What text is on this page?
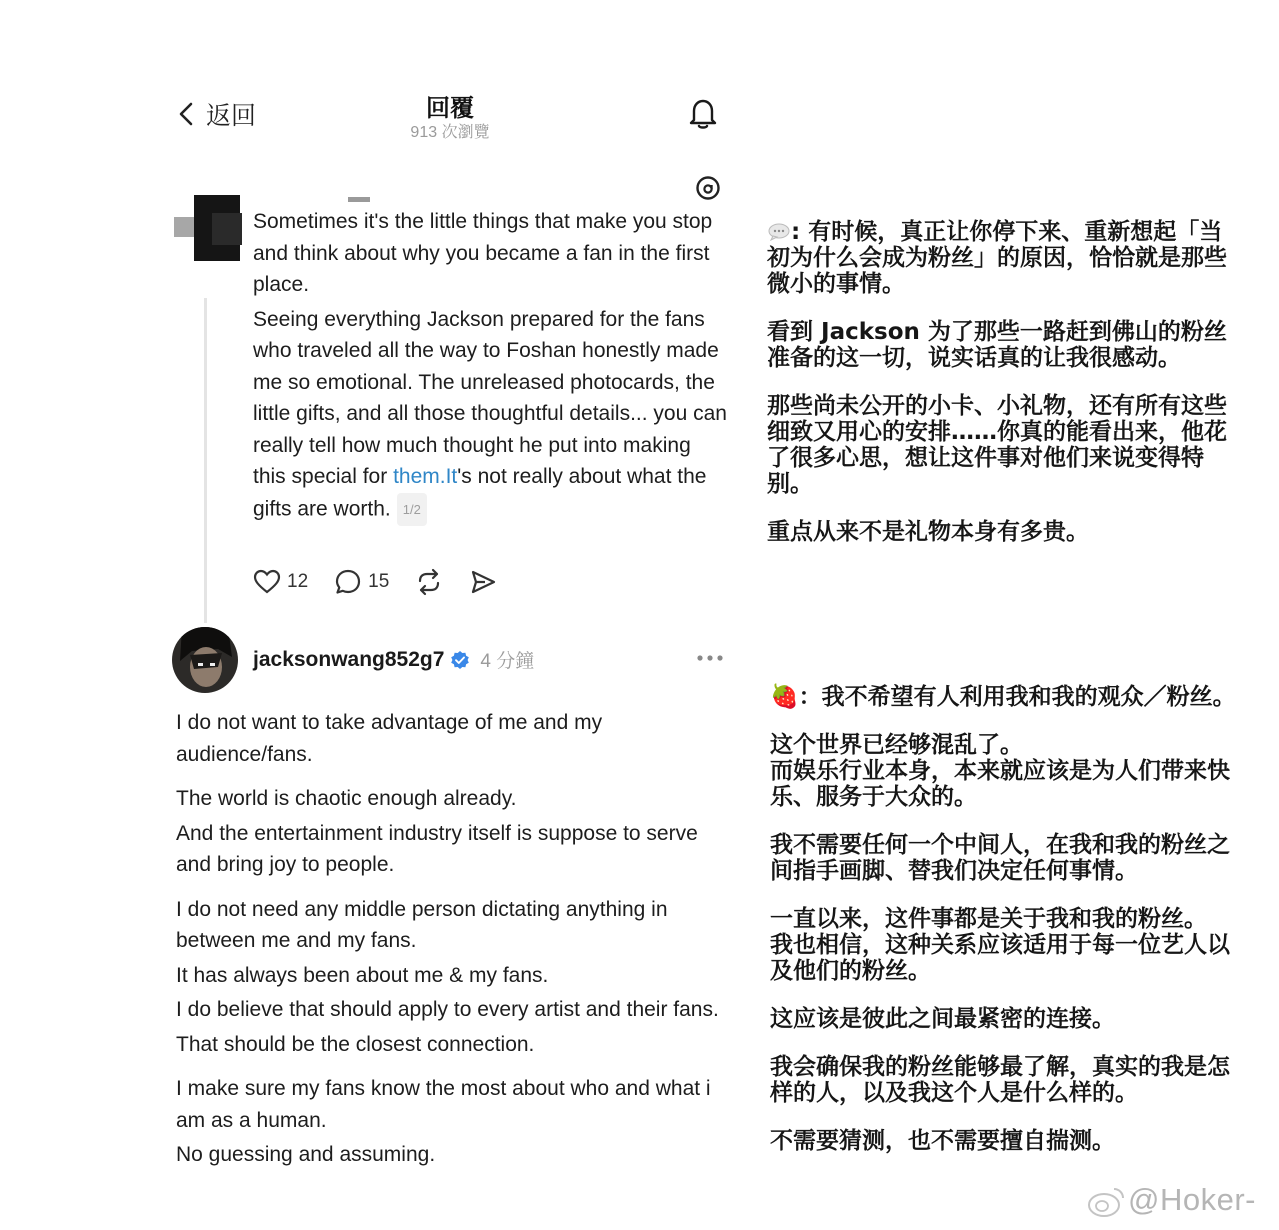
返回	回覆
913 次瀏覽

Sometimes it's the little things that make you stop and think about why you became a fan in the first place.

Seeing everything Jackson prepared for the fans who traveled all the way to Foshan honestly made me so emotional. The unreleased photocards, the little gifts, and all those thoughtful details... you can really tell how much thought he put into making this special for them.It's not really about what the gifts are worth. 1/2

12	15
jacksonwang852g7 4 分鐘

I do not want to take advantage of me and my audience/fans.

The world is chaotic enough already.

And the entertainment industry itself is suppose to serve and bring joy to people.

I do not need any middle person dictating anything in between me and my fans.

It has always been about me & my fans.

I do believe that should apply to every artist and their fans.

That should be the closest connection.

I make sure my fans know the most about who and what i am as a human.

No guessing and assuming.

: 有时候，真正让你停下来、重新想起「当初为什么会成为粉丝」的原因，恰恰就是那些微小的事情。

看到 Jackson 为了那些一路赶到佛山的粉丝准备的这一切，说实话真的让我很感动。

那些尚未公开的小卡、小礼物，还有所有这些细致又用心的安排……你真的能看出来，他花了很多心思，想让这件事对他们来说变得特别。

重点从来不是礼物本身有多贵。

🍓：我不希望有人利用我和我的观众／粉丝。

这个世界已经够混乱了。

而娱乐行业本身，本来就应该是为人们带来快乐、服务于大众的。

我不需要任何一个中间人，在我和我的粉丝之间指手画脚、替我们决定任何事情。

一直以来，这件事都是关于我和我的粉丝。

我也相信，这种关系应该适用于每一位艺人以及他们的粉丝。

这应该是彼此之间最紧密的连接。

我会确保我的粉丝能够最了解，真实的我是怎样的人，以及我这个人是什么样的。

不需要猜测，也不需要擅自揣测。

@Hoker-
